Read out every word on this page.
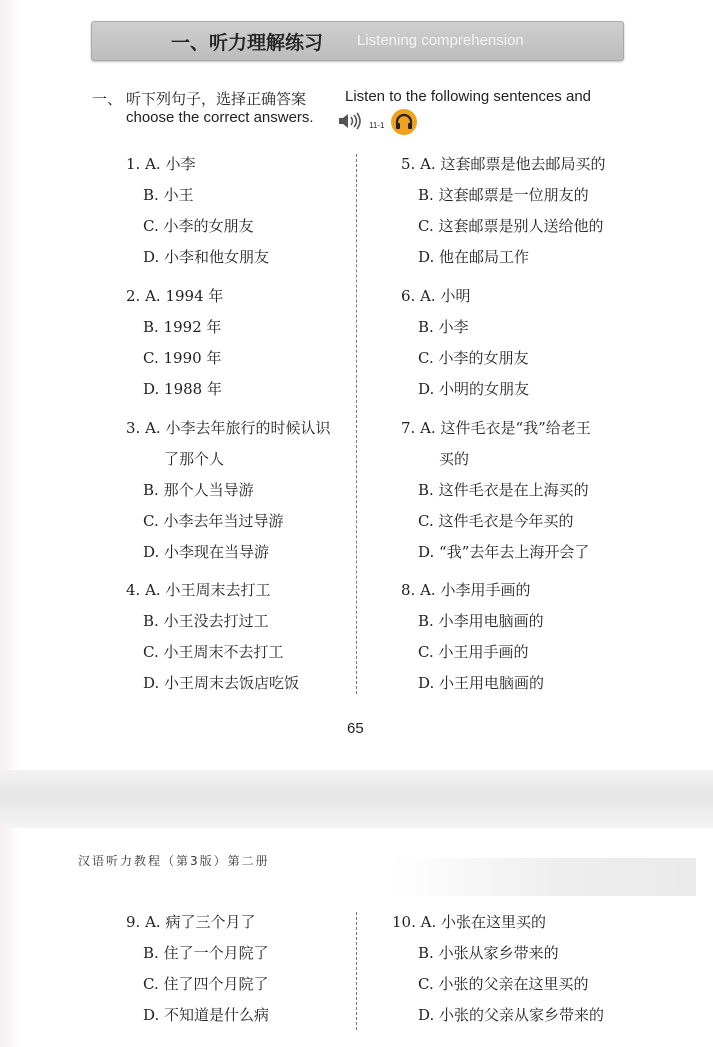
一、听力理解练习 Listening comprehension
一、 听下列句子，选择正确答案	Listen to the following sentences and
choose the correct answers.	11-1
1. A. 小李
B. 小王
C. 小李的女朋友
D. 小李和他女朋友
2. A. 1994 年
B. 1992 年
C. 1990 年
D. 1988 年
3. A. 小李去年旅行的时候认识
了那个人
B. 那个人当导游
C. 小李去年当过导游
D. 小李现在当导游
4. A. 小王周末去打工
B. 小王没去打过工
C. 小王周末不去打工
D. 小王周末去饭店吃饭
5. A. 这套邮票是他去邮局买的
B. 这套邮票是一位朋友的
C. 这套邮票是别人送给他的
D. 他在邮局工作
6. A. 小明
B. 小李
C. 小李的女朋友
D. 小明的女朋友
7. A. 这件毛衣是“我”给老王
买的
B. 这件毛衣是在上海买的
C. 这件毛衣是今年买的
D. “我”去年去上海开会了
8. A. 小李用手画的
B. 小李用电脑画的
C. 小王用手画的
D. 小王用电脑画的
65
汉语听力教程（第3版）第二册
9. A. 病了三个月了
B. 住了一个月院了
C. 住了四个月院了
D. 不知道是什么病
10. A. 小张在这里买的
B. 小张从家乡带来的
C. 小张的父亲在这里买的
D. 小张的父亲从家乡带来的
